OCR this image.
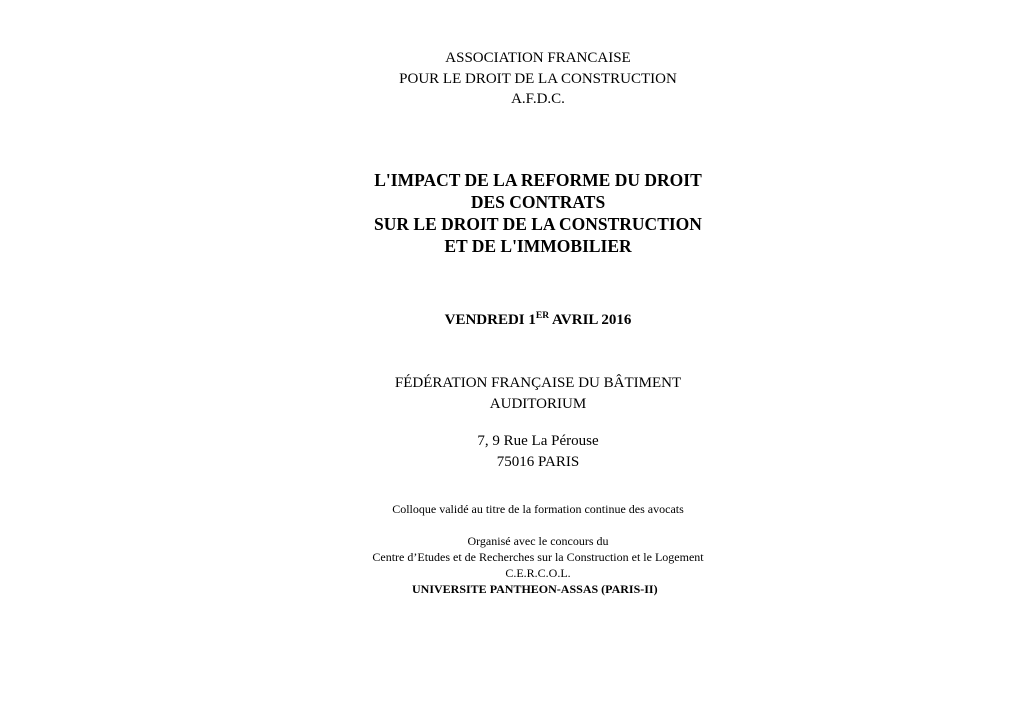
ASSOCIATION FRANCAISE
POUR LE DROIT DE LA CONSTRUCTION
A.F.D.C.
L'IMPACT DE LA REFORME DU DROIT
DES CONTRATS
SUR LE DROIT DE LA CONSTRUCTION
ET DE L'IMMOBILIER
VENDREDI 1ER AVRIL 2016
FÉDÉRATION FRANÇAISE DU BÂTIMENT
AUDITORIUM
7, 9 Rue La Pérouse
75016 PARIS
Colloque validé au titre de la formation continue des avocats
Organisé avec le concours du
Centre d’Etudes et de Recherches sur la Construction et le Logement
C.E.R.C.O.L.
UNIVERSITE PANTHEON-ASSAS (PARIS-II)
